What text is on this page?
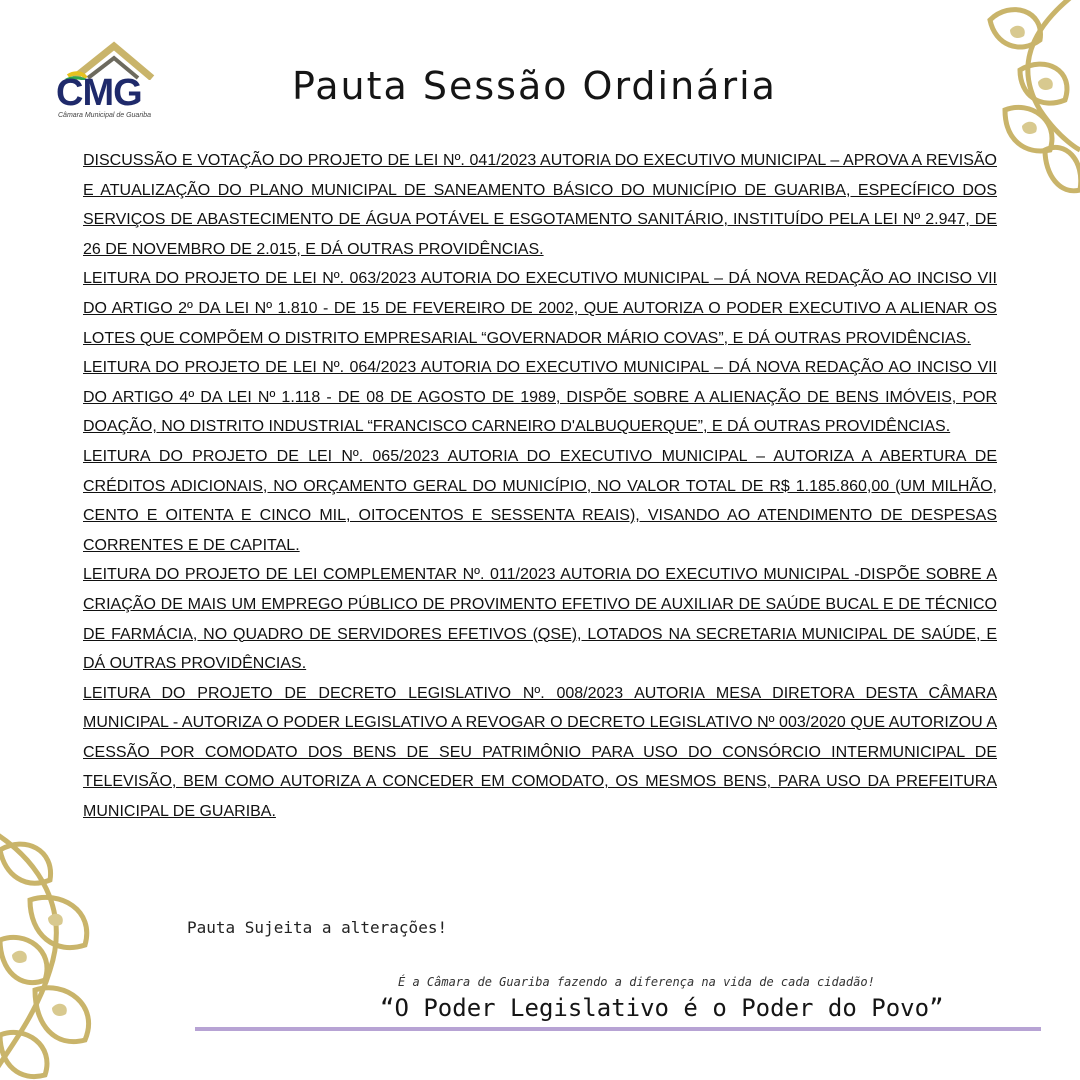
CMG
Câmara Municipal de Guariba
Pauta Sessão Ordinária

DISCUSSÃO E VOTAÇÃO DO PROJETO DE LEI Nº. 041/2023 AUTORIA DO EXECUTIVO MUNICIPAL – APROVA A REVISÃO E ATUALIZAÇÃO DO PLANO MUNICIPAL DE SANEAMENTO BÁSICO DO MUNICÍPIO DE GUARIBA, ESPECÍFICO DOS SERVIÇOS DE ABASTECIMENTO DE ÁGUA POTÁVEL E ESGOTAMENTO SANITÁRIO, INSTITUÍDO PELA LEI Nº 2.947, DE 26 DE NOVEMBRO DE 2.015, E DÁ OUTRAS PROVIDÊNCIAS.

LEITURA DO PROJETO DE LEI Nº. 063/2023 AUTORIA DO EXECUTIVO MUNICIPAL – DÁ NOVA REDAÇÃO AO INCISO VII DO ARTIGO 2º DA LEI Nº 1.810 - DE 15 DE FEVEREIRO DE 2002, QUE AUTORIZA O PODER EXECUTIVO A ALIENAR OS LOTES QUE COMPÕEM O DISTRITO EMPRESARIAL “GOVERNADOR MÁRIO COVAS”, E DÁ OUTRAS PROVIDÊNCIAS.

LEITURA DO PROJETO DE LEI Nº. 064/2023 AUTORIA DO EXECUTIVO MUNICIPAL – DÁ NOVA REDAÇÃO AO INCISO VII DO ARTIGO 4º DA LEI Nº 1.118 - DE 08 DE AGOSTO DE 1989, DISPÕE SOBRE A ALIENAÇÃO DE BENS IMÓVEIS, POR DOAÇÃO, NO DISTRITO INDUSTRIAL “FRANCISCO CARNEIRO D'ALBUQUERQUE”, E DÁ OUTRAS PROVIDÊNCIAS.

LEITURA DO PROJETO DE LEI Nº. 065/2023 AUTORIA DO EXECUTIVO MUNICIPAL – AUTORIZA A ABERTURA DE CRÉDITOS ADICIONAIS, NO ORÇAMENTO GERAL DO MUNICÍPIO, NO VALOR TOTAL DE R$ 1.185.860,00 (UM MILHÃO, CENTO E OITENTA E CINCO MIL, OITOCENTOS E SESSENTA REAIS), VISANDO AO ATENDIMENTO DE DESPESAS CORRENTES E DE CAPITAL.

LEITURA DO PROJETO DE LEI COMPLEMENTAR Nº. 011/2023 AUTORIA DO EXECUTIVO MUNICIPAL -DISPÕE SOBRE A CRIAÇÃO DE MAIS UM EMPREGO PÚBLICO DE PROVIMENTO EFETIVO DE AUXILIAR DE SAÚDE BUCAL E DE TÉCNICO DE FARMÁCIA, NO QUADRO DE SERVIDORES EFETIVOS (QSE), LOTADOS NA SECRETARIA MUNICIPAL DE SAÚDE, E DÁ OUTRAS PROVIDÊNCIAS.

LEITURA DO PROJETO DE DECRETO LEGISLATIVO Nº. 008/2023 AUTORIA MESA DIRETORA DESTA CÂMARA MUNICIPAL - AUTORIZA O PODER LEGISLATIVO A REVOGAR O DECRETO LEGISLATIVO Nº 003/2020 QUE AUTORIZOU A CESSÃO POR COMODATO DOS BENS DE SEU PATRIMÔNIO PARA USO DO CONSÓRCIO INTERMUNICIPAL DE TELEVISÃO, BEM COMO AUTORIZA A CONCEDER EM COMODATO, OS MESMOS BENS, PARA USO DA PREFEITURA MUNICIPAL DE GUARIBA.

Pauta Sujeita a alterações!
É a Câmara de Guariba fazendo a diferença na vida de cada cidadão!
“O Poder Legislativo é o Poder do Povo”
